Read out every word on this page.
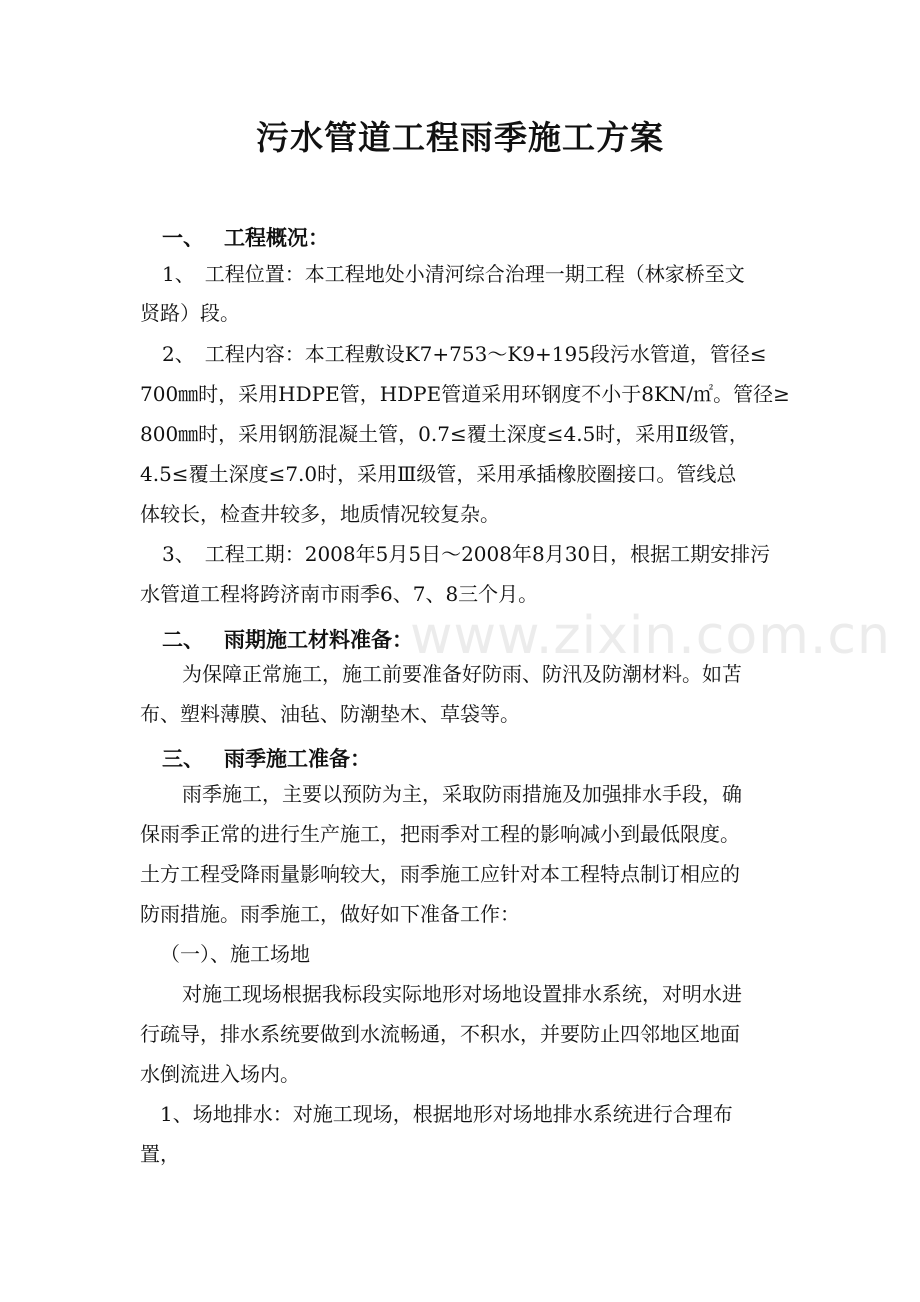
www.zixin.com.cn
污水管道工程雨季施工方案
一、 工程概况：
1、　工程位置：本工程地处小清河综合治理一期工程（林家桥至文
贤路）段。
2、　工程内容：本工程敷设K7+753～K9+195段污水管道，管径≤
700㎜时，采用HDPE管，HDPE管道采用环钢度不小于8KN/㎡。管径≥
800㎜时，采用钢筋混凝土管，0.7≤覆土深度≤4.5时，采用Ⅱ级管，
4.5≤覆土深度≤7.0时，采用Ⅲ级管，采用承插橡胶圈接口。管线总
体较长，检查井较多，地质情况较复杂。
3、　工程工期：2008年5月5日～2008年8月30日，根据工期安排污
水管道工程将跨济南市雨季6、7、8三个月。
二、 雨期施工材料准备：
为保障正常施工，施工前要准备好防雨、防汛及防潮材料。如苫
布、塑料薄膜、油毡、防潮垫木、草袋等。
三、 雨季施工准备：
雨季施工，主要以预防为主，采取防雨措施及加强排水手段，确
保雨季正常的进行生产施工，把雨季对工程的影响减小到最低限度。
土方工程受降雨量影响较大，雨季施工应针对本工程特点制订相应的
防雨措施。雨季施工，做好如下准备工作：
（一）、施工场地
对施工现场根据我标段实际地形对场地设置排水系统，对明水进
行疏导，排水系统要做到水流畅通，不积水，并要防止四邻地区地面
水倒流进入场内。
1、场地排水：对施工现场，根据地形对场地排水系统进行合理布
置，
